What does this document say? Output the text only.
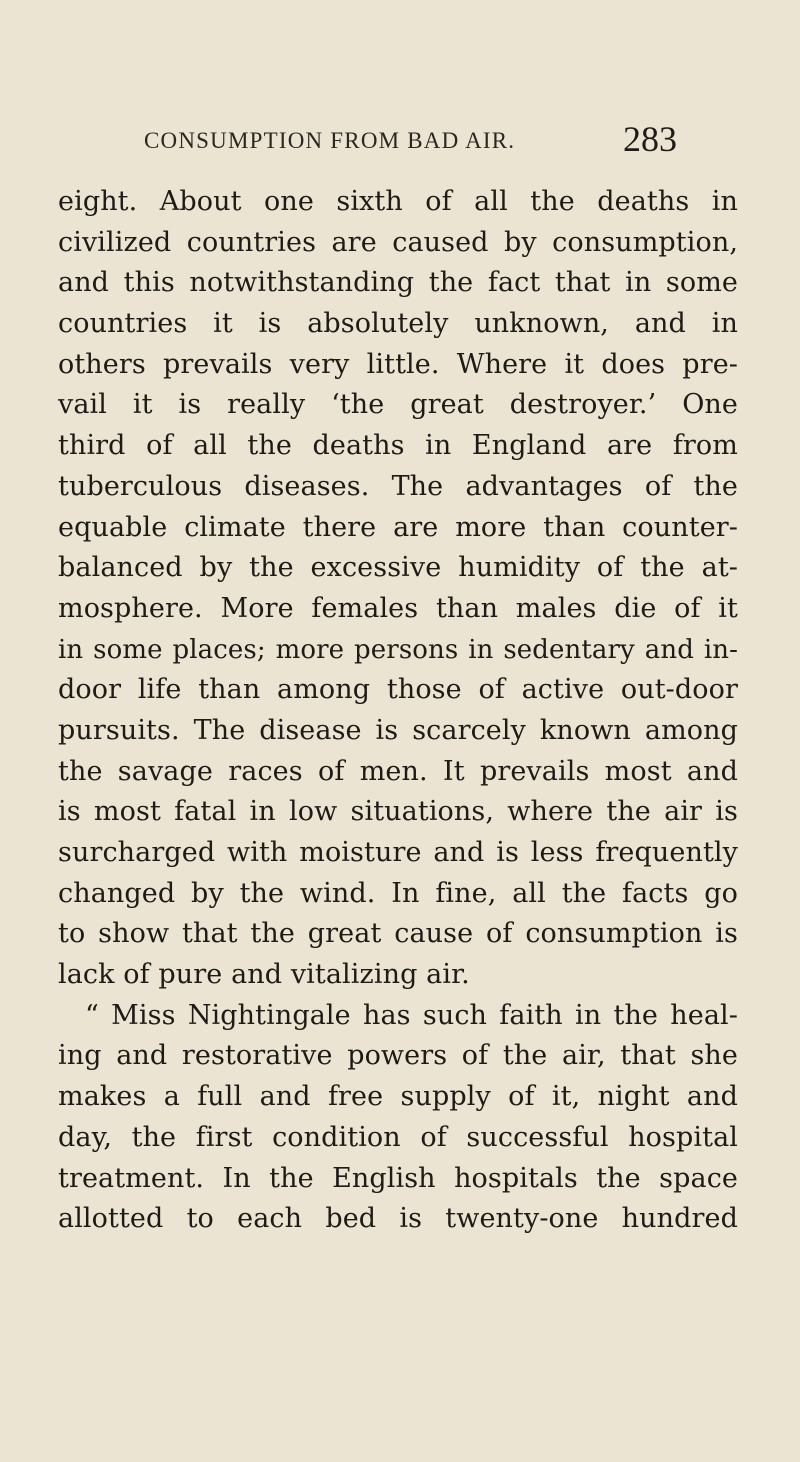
CONSUMPTION FROM BAD AIR.	283
eight. About one sixth of all the deaths in
civilized countries are caused by consumption,
and this notwithstanding the fact that in some
countries it is absolutely unknown, and in
others prevails very little. Where it does pre-
vail it is really ‘the great destroyer.’ One
third of all the deaths in England are from
tuberculous diseases. The advantages of the
equable climate there are more than counter-
balanced by the excessive humidity of the at-
mosphere. More females than males die of it
in some places; more persons in sedentary and in-
door life than among those of active out-door
pursuits. The disease is scarcely known among
the savage races of men. It prevails most and
is most fatal in low situations, where the air is
surcharged with moisture and is less frequently
changed by the wind. In fine, all the facts go
to show that the great cause of consumption is
lack of pure and vitalizing air.
“ Miss Nightingale has such faith in the heal-
ing and restorative powers of the air, that she
makes a full and free supply of it, night and
day, the first condition of successful hospital
treatment. In the English hospitals the space
allotted to each bed is twenty-one hundred
